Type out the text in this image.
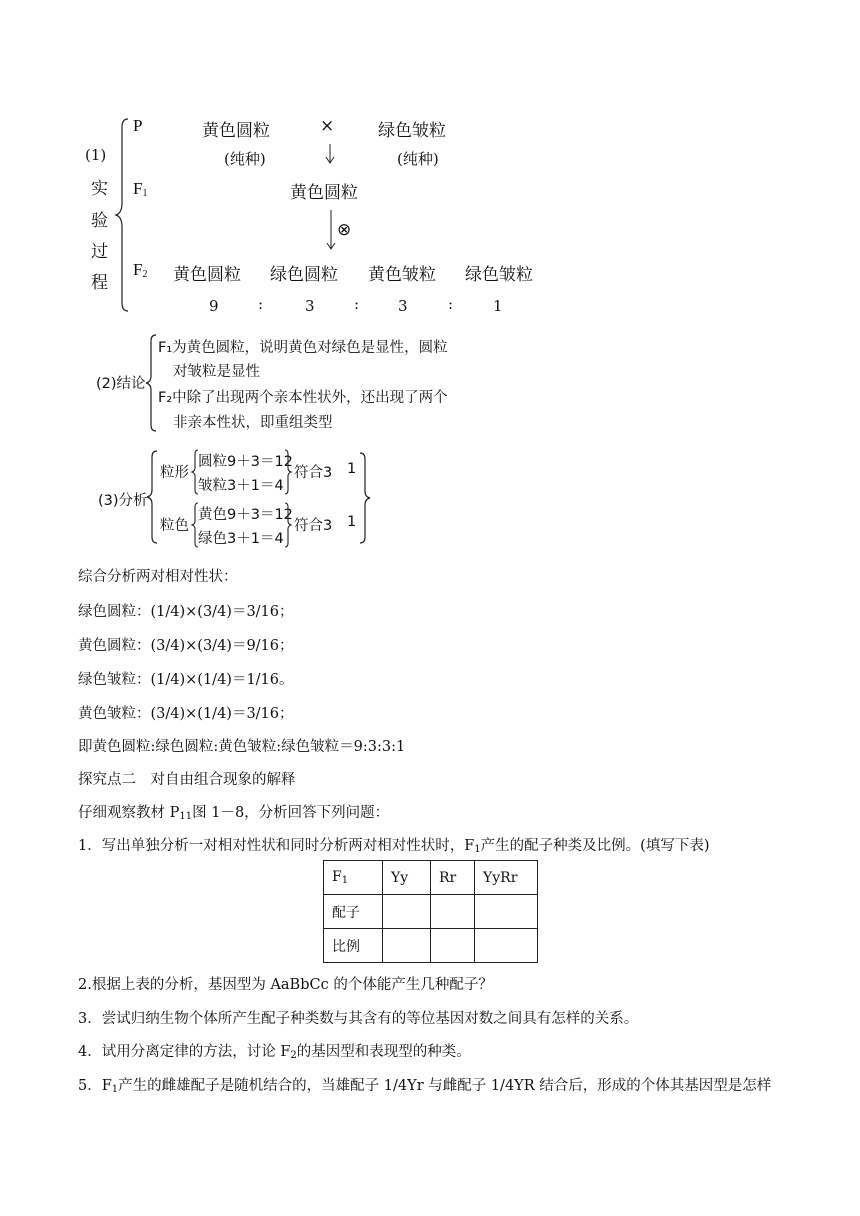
(1)
实
验
过
程
P	黄色圆粒	×	绿色皱粒
(纯种)	(纯种)
$F_1$	黄色圆粒
⊗
$F_2$ 黄色圆粒 绿色圆粒 黄色皱粒 绿色皱粒
9	:	3	:	3	:	1
(2)结论
F₁为黄色圆粒，说明黄色对绿色是显性，圆粒
对皱粒是显性
F₂中除了出现两个亲本性状外，还出现了两个
非亲本性状，即重组类型
(3)分析
粒形
圆粒9＋3＝12
皱粒3＋1＝4
符合3 1
粒色
黄色9＋3＝12
绿色3＋1＝4
符合3 1
综合分析两对相对性状：
绿色圆粒：(1/4)×(3/4)＝3/16；
黄色圆粒：(3/4)×(3/4)＝9/16；
绿色皱粒：(1/4)×(1/4)＝1/16。
黄色皱粒：(3/4)×(1/4)＝3/16；
即黄色圆粒:绿色圆粒:黄色皱粒:绿色皱粒＝9:3:3:1
探究点二　对自由组合现象的解释
仔细观察教材 $P_{11}$图 1－8，分析回答下列问题：
1．写出单独分析一对相对性状和同时分析两对相对性状时，$F_1$产生的配子种类及比例。(填写下表)
2.根据上表的分析，基因型为 AaBbCc 的个体能产生几种配子？
3．尝试归纳生物个体所产生配子种类数与其含有的等位基因对数之间具有怎样的关系。
4．试用分离定律的方法，讨论 $F_2$的基因型和表现型的种类。
5．$F_1$产生的雌雄配子是随机结合的，当雄配子 1/4Yr 与雌配子 1/4YR 结合后，形成的个体其基因型是怎样
$F_1$	Yy	Rr	YyRr
配子			
比例			
